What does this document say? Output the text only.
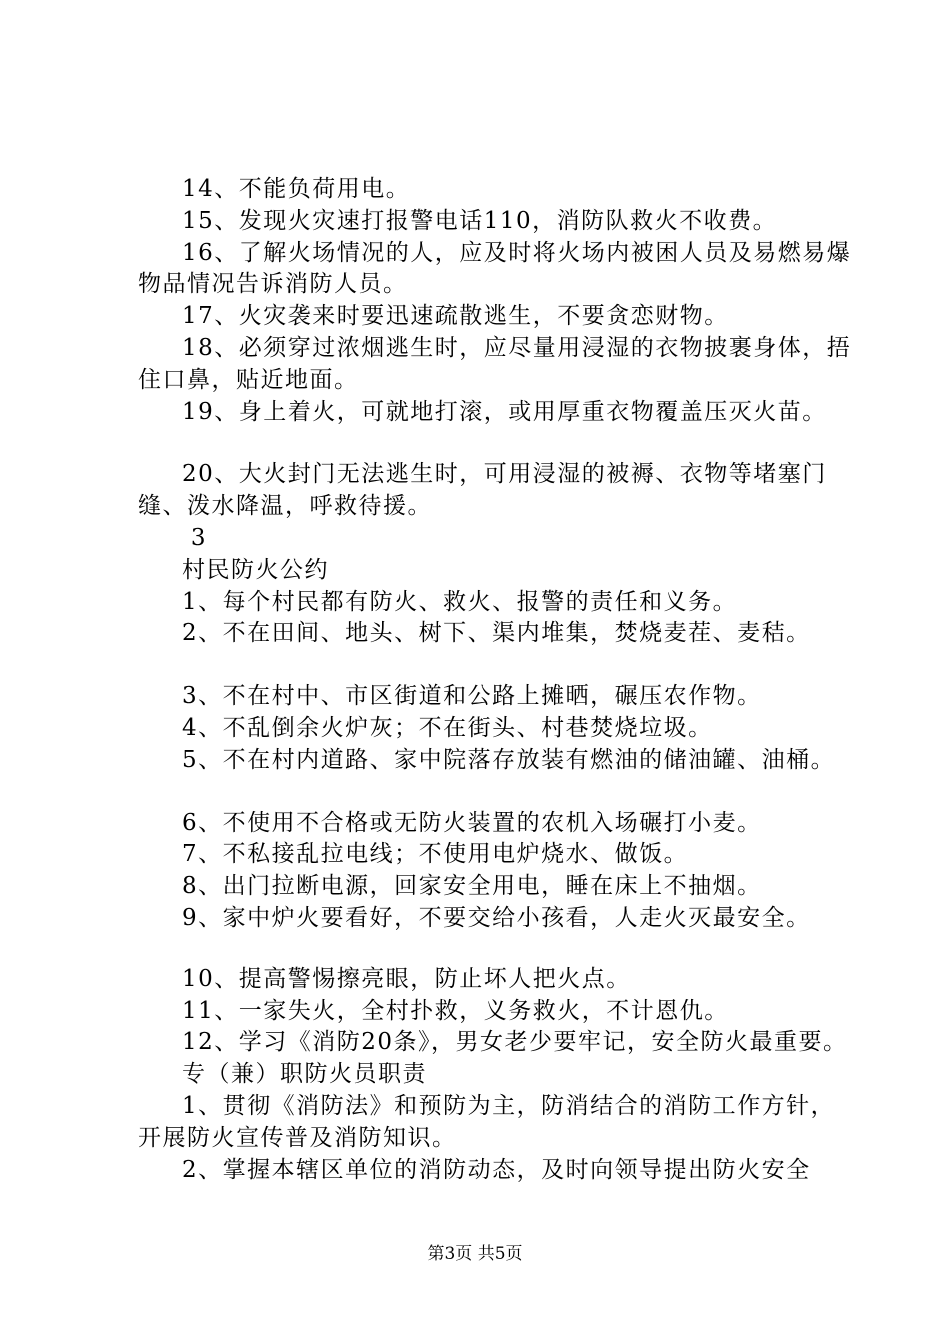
14、不能负荷用电。

15、发现火灾速打报警电话110，消防队救火不收费。

16、了解火场情况的人，应及时将火场内被困人员及易燃易爆物品情况告诉消防人员。

17、火灾袭来时要迅速疏散逃生，不要贪恋财物。

18、必须穿过浓烟逃生时，应尽量用浸湿的衣物披裹身体，捂住口鼻，贴近地面。

19、身上着火，可就地打滚，或用厚重衣物覆盖压灭火苗。

20、大火封门无法逃生时，可用浸湿的被褥、衣物等堵塞门缝、泼水降温，呼救待援。

3

村民防火公约

1、每个村民都有防火、救火、报警的责任和义务。

2、不在田间、地头、树下、渠内堆集，焚烧麦茬、麦秸。

3、不在村中、市区街道和公路上摊晒，碾压农作物。

4、不乱倒余火炉灰；不在街头、村巷焚烧垃圾。

5、不在村内道路、家中院落存放装有燃油的储油罐、油桶。

6、不使用不合格或无防火装置的农机入场碾打小麦。

7、不私接乱拉电线；不使用电炉烧水、做饭。

8、出门拉断电源，回家安全用电，睡在床上不抽烟。

9、家中炉火要看好，不要交给小孩看，人走火灭最安全。

10、提高警惕擦亮眼，防止坏人把火点。

11、一家失火，全村扑救，义务救火，不计恩仇。

12、学习《消防20条》，男女老少要牢记，安全防火最重要。

专（兼）职防火员职责

1、贯彻《消防法》和预防为主，防消结合的消防工作方针，开展防火宣传普及消防知识。

2、掌握本辖区单位的消防动态，及时向领导提出防火安全

第3页 共5页
